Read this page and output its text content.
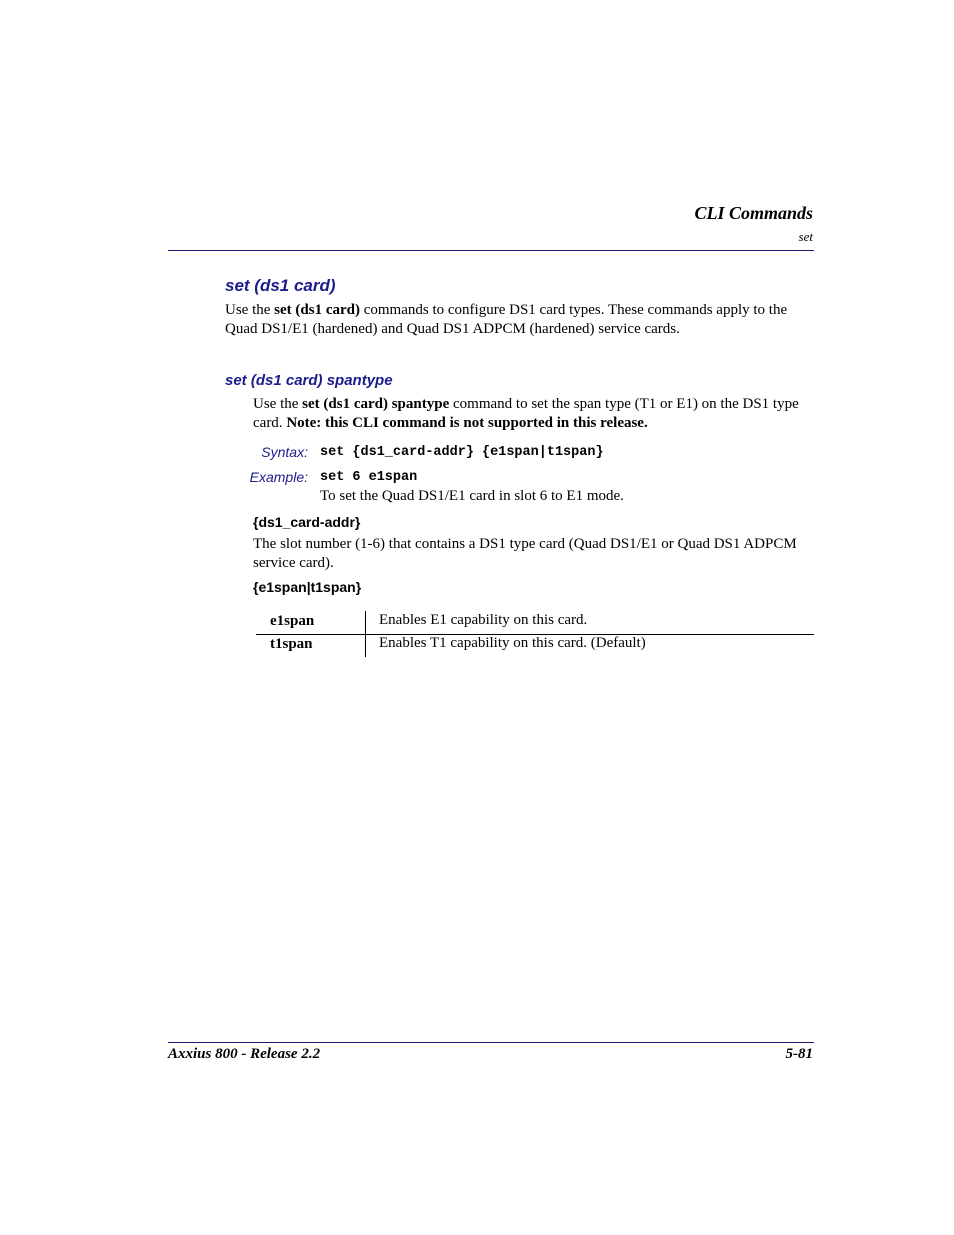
CLI Commands
set
set (ds1 card)
Use the set (ds1 card) commands to configure DS1 card types. These commands apply to the
Quad DS1/E1 (hardened) and Quad DS1 ADPCM (hardened) service cards.
set (ds1 card) spantype
Use the set (ds1 card) spantype command to set the span type (T1 or E1) on the DS1 type
card. Note: this CLI command is not supported in this release.
Syntax: set {ds1_card-addr} {e1span|t1span}
Example: set 6 e1span
To set the Quad DS1/E1 card in slot 6 to E1 mode.
{ds1_card-addr}
The slot number (1-6) that contains a DS1 type card (Quad DS1/E1 or Quad DS1 ADPCM
service card).
{e1span|t1span}
e1span	Enables E1 capability on this card.
t1span	Enables T1 capability on this card. (Default)
Axxius 800 - Release 2.2	5-81
